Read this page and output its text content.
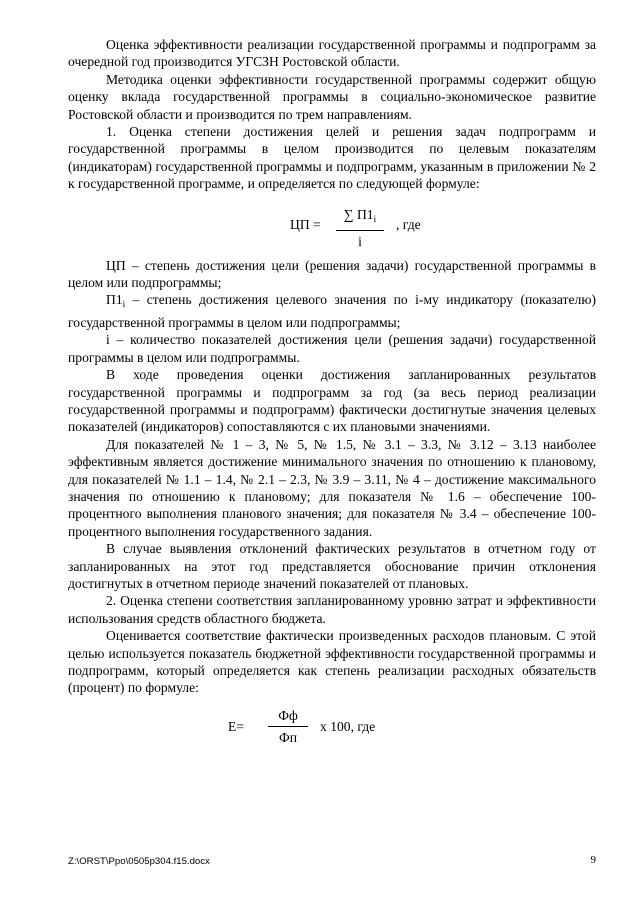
Оценка эффективности реализации государственной программы и подпрограмм за очередной год производится УГСЗН Ростовской области.

Методика оценки эффективности государственной программы содержит общую оценку вклада государственной программы в социально-экономическое развитие Ростовской области и производится по трем направлениям.

1. Оценка степени достижения целей и решения задач подпрограмм и государственной программы в целом производится по целевым показателям (индикаторам) государственной программы и подпрограмм, указанным в приложении № 2 к государственной программе, и определяется по следующей формуле:

ЦП =
∑ $П1_i$
i
, где

ЦП – степень достижения цели (решения задачи) государственной программы в целом или подпрограммы;

$П1_i$ – степень достижения целевого значения по i-му индикатору (показателю) государственной программы в целом или подпрограммы;

i – количество показателей достижения цели (решения задачи) государственной программы в целом или подпрограммы.

В ходе проведения оценки достижения запланированных результатов государственной программы и подпрограмм за год (за весь период реализации государственной программы и подпрограмм) фактически достигнутые значения целевых показателей (индикаторов) сопоставляются с их плановыми значениями.

Для показателей № 1 – 3, № 5, № 1.5, № 3.1 – 3.3, № 3.12 – 3.13 наиболее эффективным является достижение минимального значения по отношению к плановому, для показателей № 1.1 – 1.4, № 2.1 – 2.3, № 3.9 – 3.11, № 4 – достижение максимального значения по отношению к плановому; для показателя № 1.6 – обеспечение 100-процентного выполнения планового значения; для показателя № 3.4 – обеспечение 100-процентного выполнения государственного задания.

В случае выявления отклонений фактических результатов в отчетном году от запланированных на этот год представляется обоснование причин отклонения достигнутых в отчетном периоде значений показателей от плановых.

2. Оценка степени соответствия запланированному уровню затрат и эффективности использования средств областного бюджета.

Оценивается соответствие фактически произведенных расходов плановым. С этой целью используется показатель бюджетной эффективности государственной программы и подпрограмм, который определяется как степень реализации расходных обязательств (процент) по формуле:

Е=
Фф
Фп
х 100, где
Z:\ORST\Ppo\0505p304.f15.docx	9
